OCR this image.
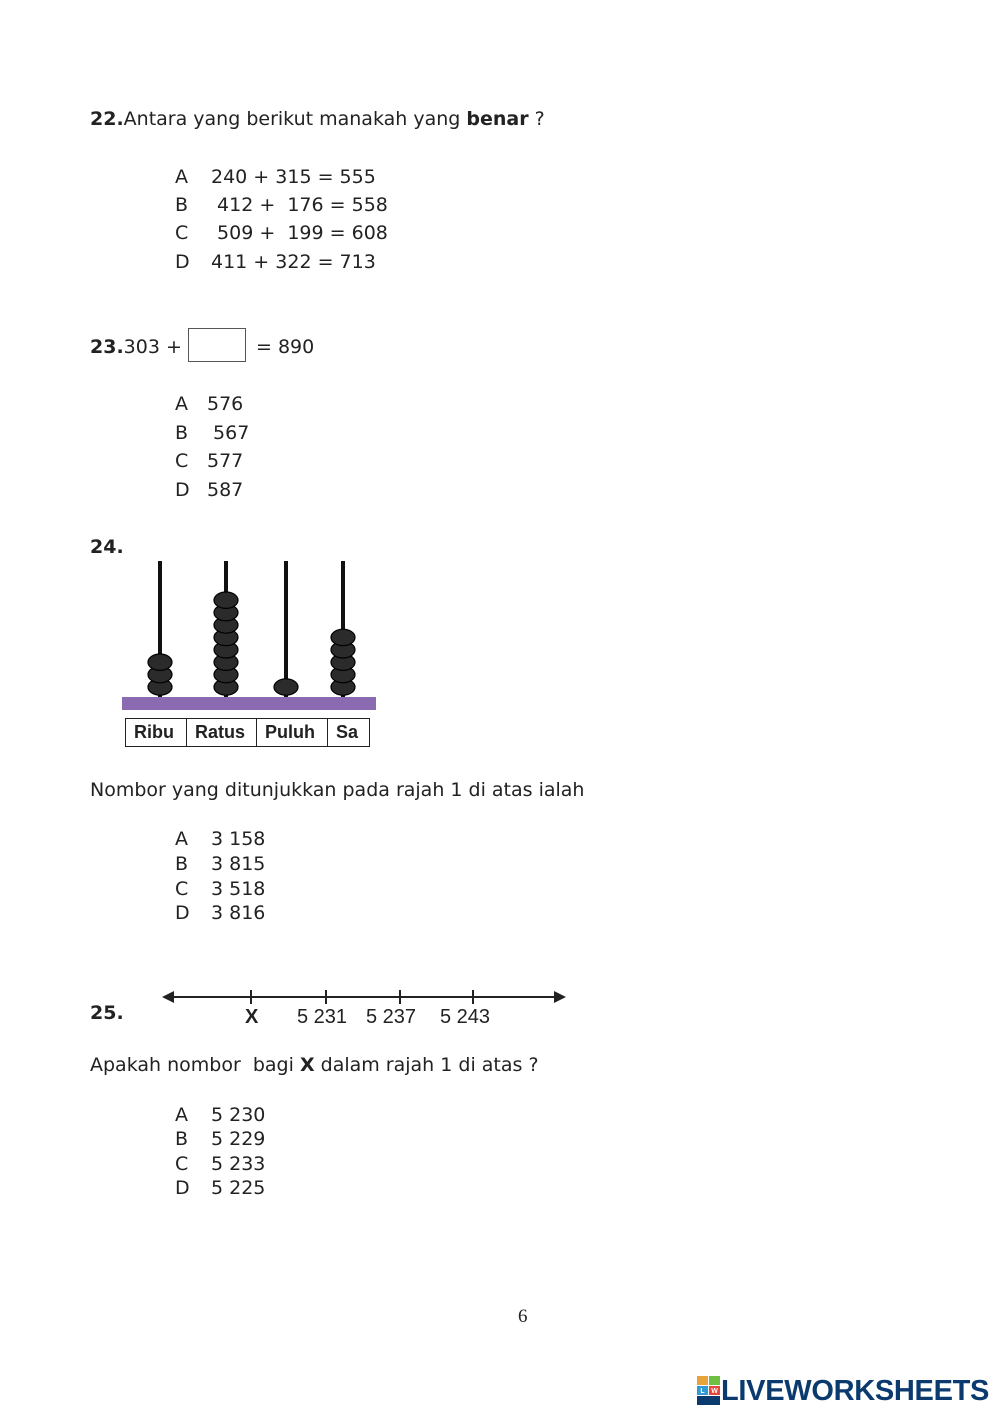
22.Antara yang berikut manakah yang benar ?
A 240 + 315 = 555
B 412 +  176 = 558
C 509 +  199 = 608
D 411 + 322 = 713
23.303 +	= 890
A 576
B 567
C 577
D 587
24.
Ribu	Ratus	Puluh	Sa
Nombor yang ditunjukkan pada rajah 1 di atas ialah
A 3 158
B 3 815
C 3 518
D 3 816
25.	X 5 231 5 237 5 243
Apakah nombor  bagi X dalam rajah 1 di atas ?
A 5 230
B 5 229
C 5 233
D 5 225
6
L W LIVEWORKSHEETS
